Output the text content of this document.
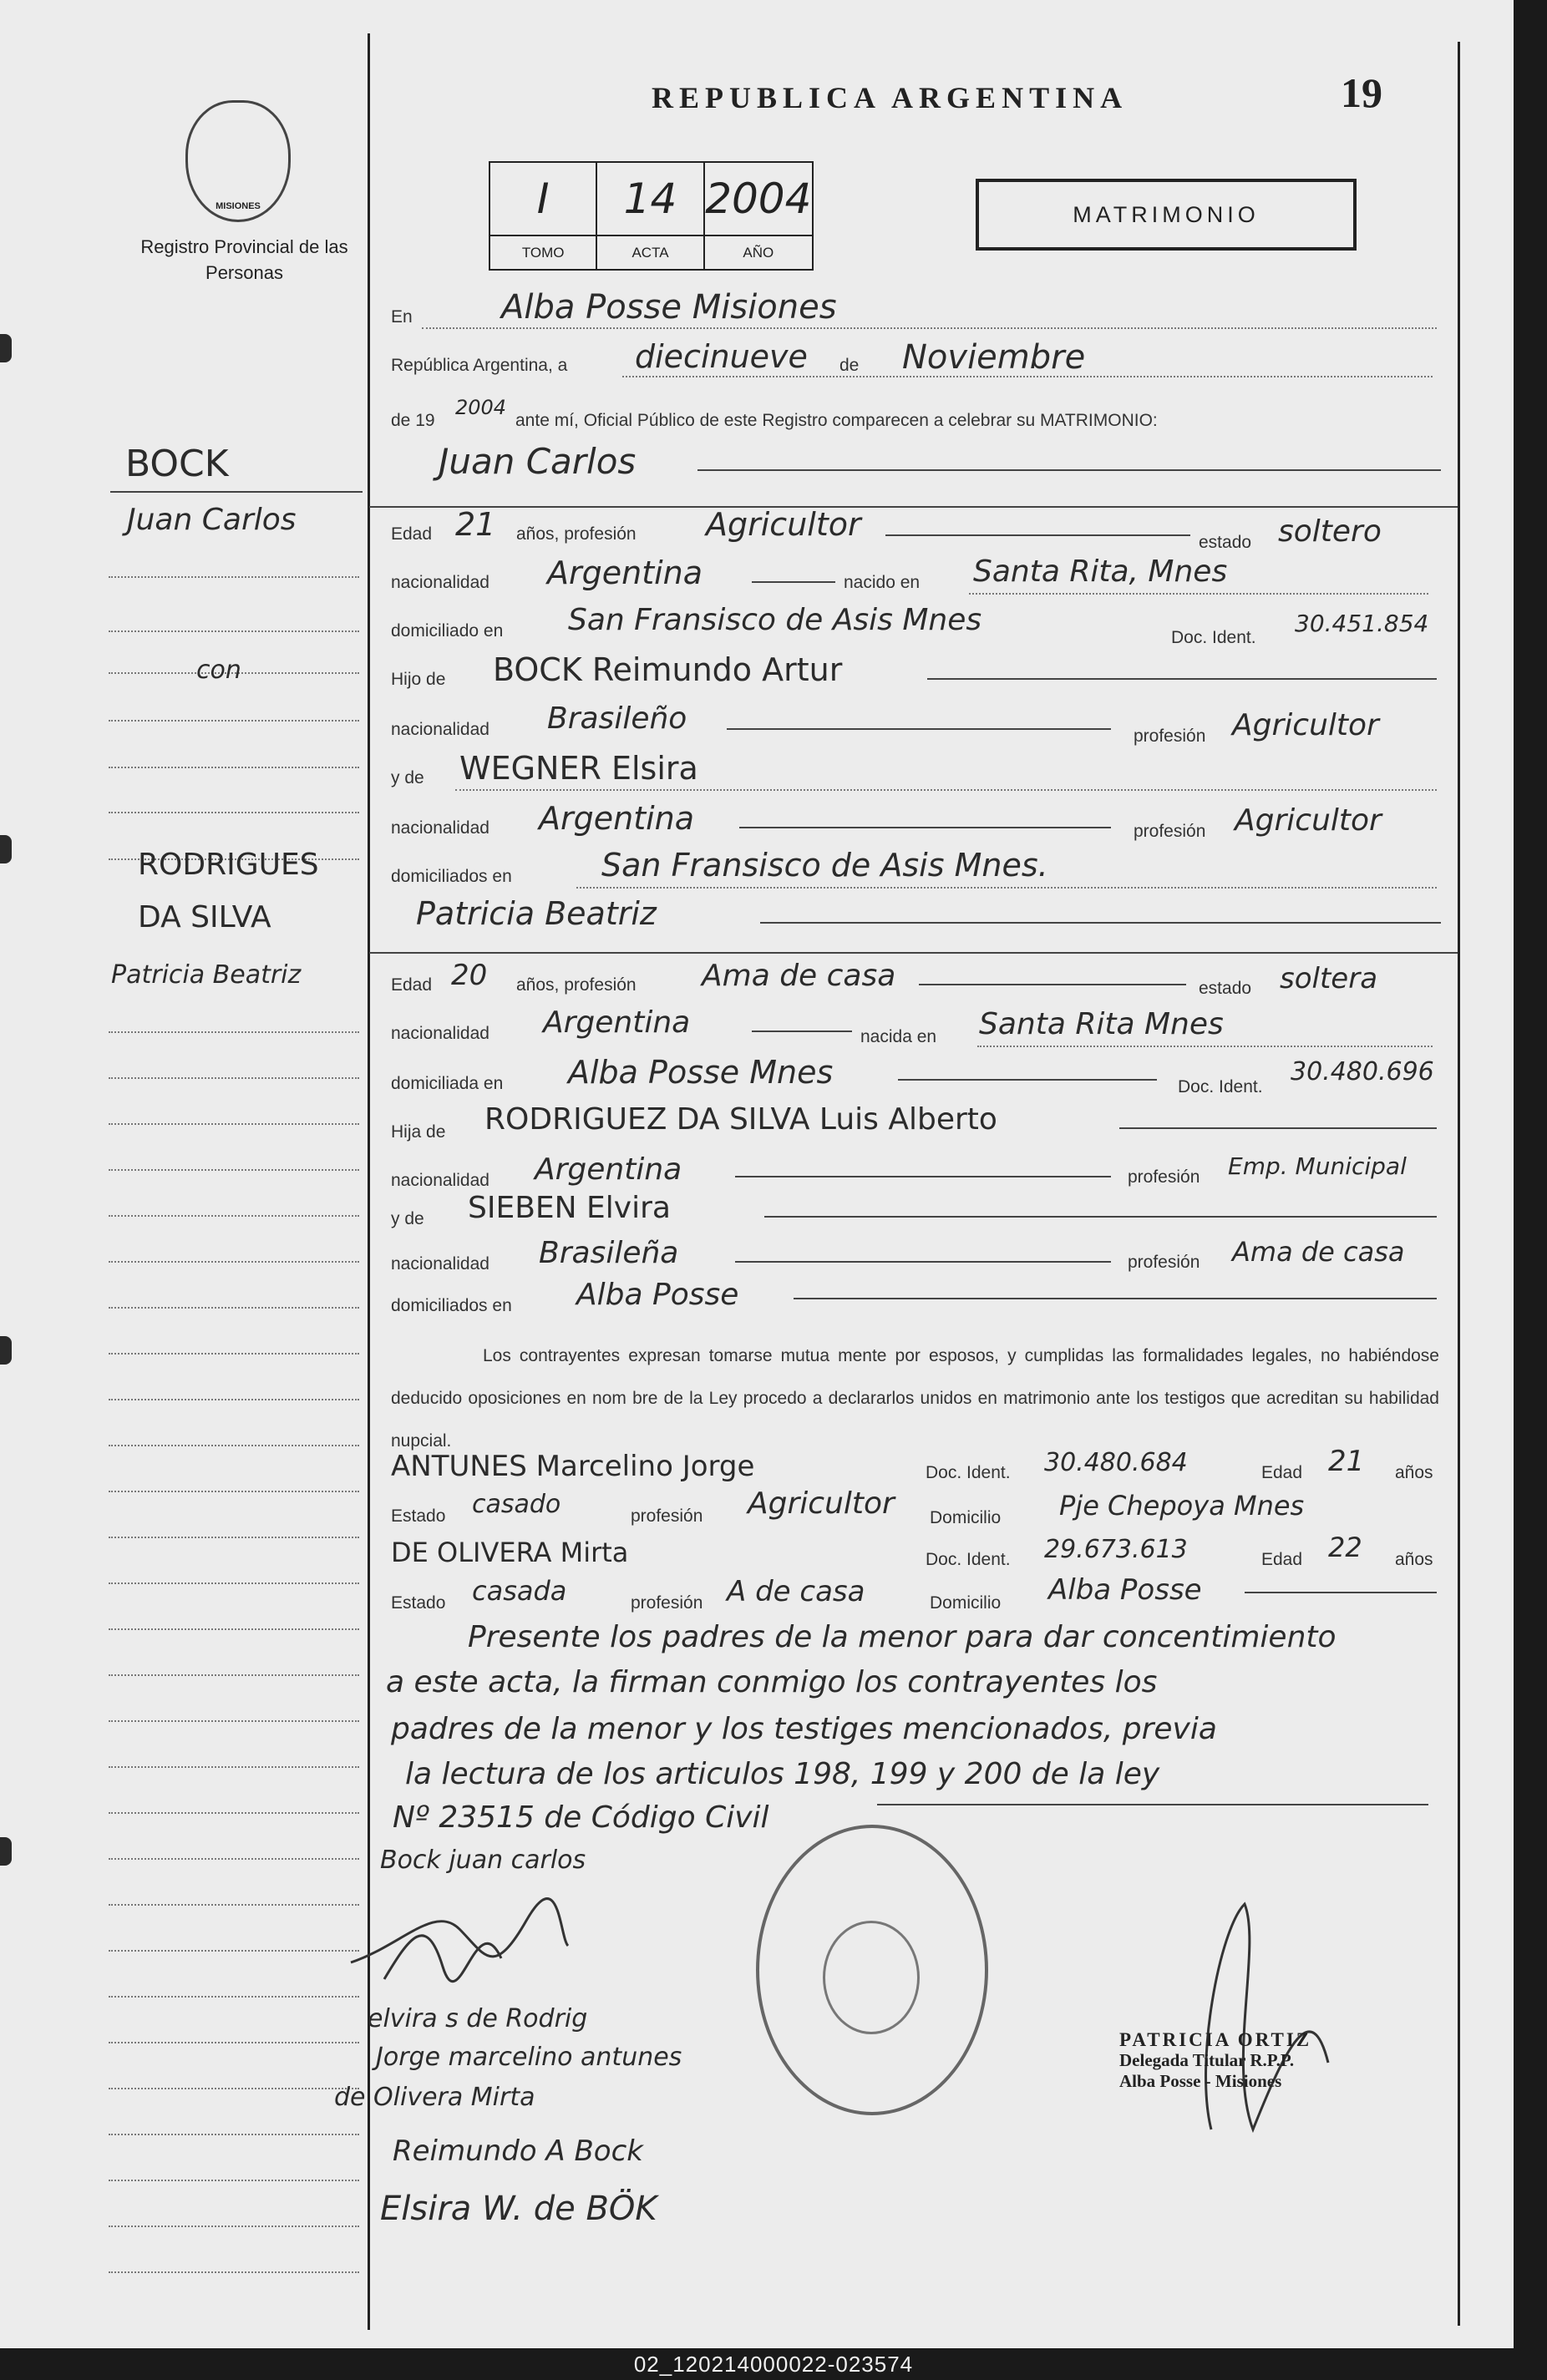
MISIONES
Registro Provincial de las Personas
REPUBLICA ARGENTINA	19
I	14 2004
TOMO	ACTA	AÑO
MATRIMONIO
BOCK
Juan Carlos
con
RODRIGUES
DA SILVA
Patricia Beatriz
En	Alba Posse Misiones
República Argentina, a diecinueve de Noviembre
de 19
2004
ante mí, Oficial Público de este Registro comparecen a celebrar su MATRIMONIO:
Juan Carlos
Edad 21 años, profesión Agricultor	estado soltero
nacionalidad Argentina	nacido en Santa Rita, Mnes
domiciliado en San Fransisco de Asis Mnes
Doc. Ident.
30.451.854
Hijo de BOCK Reimundo Artur
nacionalidad Brasileño
profesión Agricultor
y de WEGNER Elsira
nacionalidad Argentina	profesión Agricultor
domiciliados en	San Fransisco de Asis Mnes.
Patricia Beatriz
Edad 20 años, profesión Ama de casa	estado soltera
nacionalidad Argentina	nacida en Santa Rita Mnes
domiciliada en Alba Posse Mnes	Doc. Ident.
30.480.696
Hija de RODRIGUEZ DA SILVA Luis Alberto
nacionalidad Argentina	profesión Emp. Municipal
y de SIEBEN Elvira
nacionalidad Brasileña	profesión Ama de casa
domiciliados en Alba Posse
Los contrayentes expresan tomarse mutua mente por esposos, y cumplidas las formalidades legales, no habiéndose deducido oposiciones en nom bre de la Ley procedo a declararlos unidos en matrimonio ante los testigos que acreditan su habilidad nupcial.
ANTUNES Marcelino Jorge	Doc. Ident. 30.480.684	Edad 21 años
Estado casado	profesión Agricultor Domicilio Pje Chepoya Mnes
DE OLIVERA Mirta	Doc. Ident. 29.673.613	Edad 22 años
Estado casada	profesión A de casa	Domicilio Alba Posse
Presente los padres de la menor para dar concentimiento
a este acta, la firman conmigo los contrayentes los
padres de la menor y los testiges mencionados, previa
la lectura de los articulos 198, 199 y 200 de la ley
Nº 23515 de Código Civil
Bock juan carlos
elvira s de Rodrig
Jorge marcelino antunes
de Olivera Mirta
Reimundo A Bock
Elsira W. de BÖK
PATRICIA ORTIZ
Delegada Titular R.P.P.
Alba Posse - Misiones
02_120214000022-023574
